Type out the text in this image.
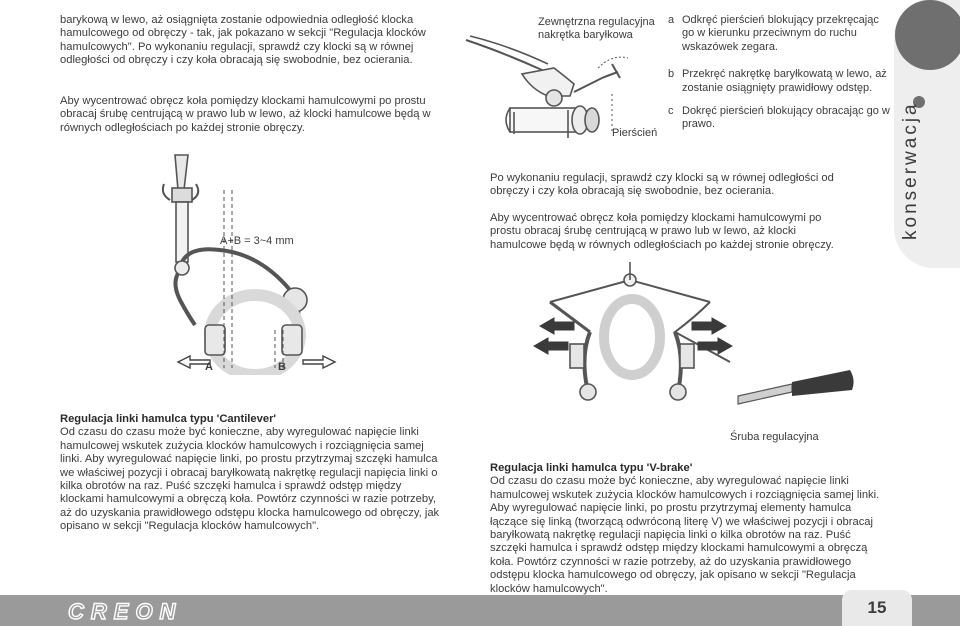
konserwacja

barykową w lewo, aż osiągnięta zostanie odpowiednia odległość klocka hamulcowego od obręczy - tak, jak pokazano w sekcji "Regulacja klocków hamulcowych". Po wykonaniu regulacji, sprawdź czy klocki są w równej odległości od obręczy i czy koła obracają się swobodnie, bez ocierania.

Aby wycentrować obręcz koła pomiędzy klockami hamulcowymi po prostu obracaj śrubę centrującą w prawo lub w lewo, aż klocki hamulcowe będą w równych odległościach po każdej stronie obręczy.

A+B = 3~4 mm
A	B

Regulacja linki hamulca typu 'Cantilever'

Od czasu do czasu może być konieczne, aby wyregulować napięcie linki hamulcowej wskutek zużycia klocków hamulcowych i rozciągnięcia samej linki. Aby wyregulować napięcie linki, po prostu przytrzymaj szczęki hamulca we właściwej pozycji i obracaj baryłkowatą nakrętkę regulacji napięcia linki o kilka obrotów na raz. Puść szczęki hamulca i sprawdź odstęp między klockami hamulcowymi a obręczą koła. Powtórz czynności w razie potrzeby, aż do uzyskania prawidłowego odstępu klocka hamulcowego od obręczy, jak opisano w sekcji "Regulacja klocków hamulcowych".

Zewnętrzna regulacyjna nakrętka baryłkowa
Pierścień
a Odkręć pierścień blokujący przekręcając go w kierunku przeciwnym do ruchu wskazówek zegara.
b Przekręć nakrętkę baryłkowatą w lewo, aż zostanie osiągnięty prawidłowy odstęp.
c Dokręć pierścień blokujący obracając go w prawo.

Po wykonaniu regulacji, sprawdź czy klocki są w równej odległości od obręczy i czy koła obracają się swobodnie, bez ocierania.

Aby wycentrować obręcz koła pomiędzy klockami hamulcowymi po prostu obracaj śrubę centrującą w prawo lub w lewo, aż klocki hamulcowe będą w równych odległościach po każdej stronie obręczy.

Śruba regulacyjna

Regulacja linki hamulca typu 'V-brake'

Od czasu do czasu może być konieczne, aby wyregulować napięcie linki hamulcowej wskutek zużycia klocków hamulcowych i rozciągnięcia samej linki. Aby wyregulować napięcie linki, po prostu przytrzymaj elementy hamulca łączące się linką (tworzącą odwróconą literę V) we właściwej pozycji i obracaj baryłkowatą nakrętkę regulacji napięcia linki o kilka obrotów na raz. Puść szczęki hamulca i sprawdź odstęp między klockami hamulcowymi a obręczą koła. Powtórz czynności w razie potrzeby, aż do uzyskania prawidłowego odstępu klocka hamulcowego od obręczy, jak opisano w sekcji "Regulacja klocków hamulcowych".

CREON	15
